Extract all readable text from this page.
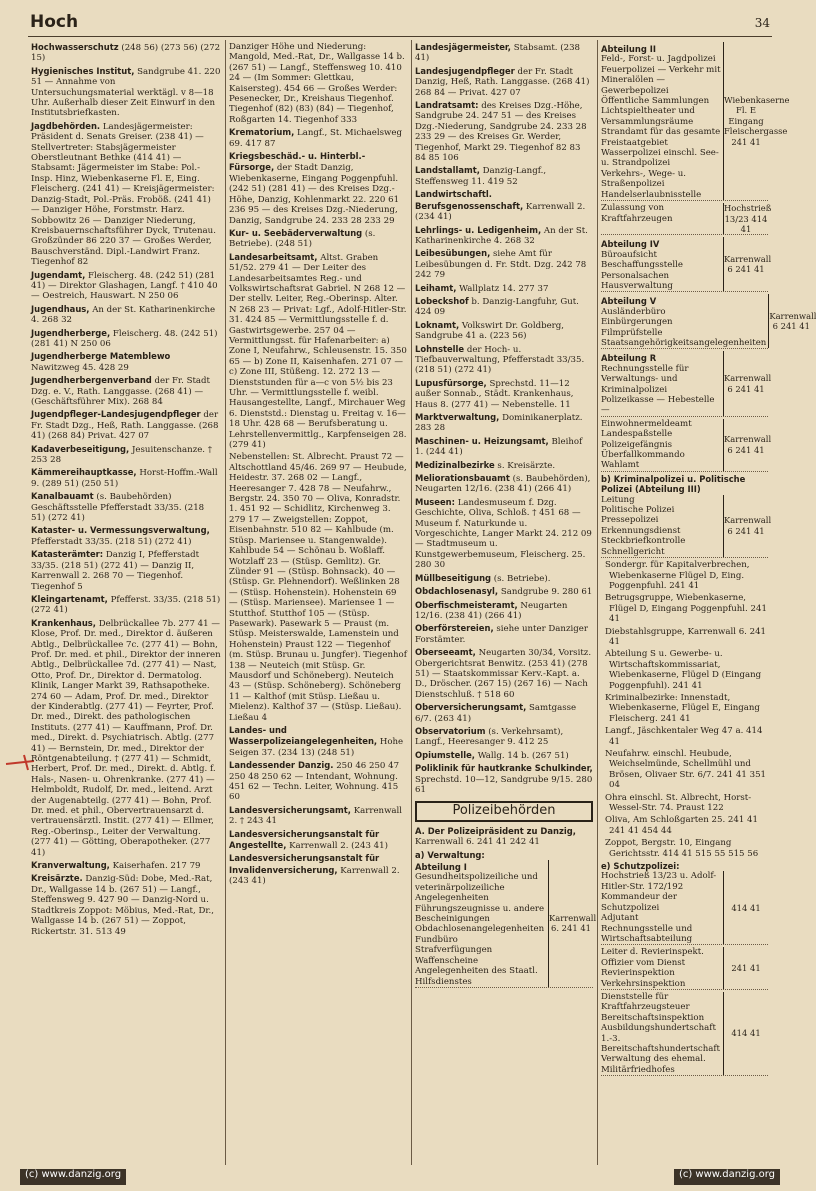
Hoch	34
Hochwasserschutz (248 56) (273 56) (272 15)
Hygienisches Institut, Sandgrube 41. 220 51 — Annahme von Untersuchungsmaterial werktägl. v 8—18 Uhr. Außerhalb dieser Zeit Einwurf in den Institutsbriefkasten.
Jagdbehörden. Landesjägermeister: Präsident d. Senats Greiser. (238 41) — Stellvertreter: Stabsjägermeister Oberstleutnant Bethke (414 41) — Stabsamt: Jägermeister im Stabe: Pol.-Insp. Hinz, Wiebenkaserne Fl. E, Eing. Fleischerg. (241 41) — Kreisjägermeister: Danzig-Stadt, Pol.-Präs. Froböß. (241 41) — Danziger Höhe, Forstmstr. Harz. Sobbowitz 26 — Danziger Niederung, Kreisbauernschaftsführer Dyck, Trutenau. Großzünder 86 220 37 — Großes Werder, Bauschverständ. Dipl.-Landwirt Franz. Tiegenhof 82
Jugendamt, Fleischerg. 48. (242 51) (281 41) — Direktor Glashagen, Langf. † 410 40 — Oestreich, Hauswart. N 250 06
Jugendhaus, An der St. Katharinenkirche 4. 268 32
Jugendherberge, Fleischerg. 48. (242 51) (281 41) N 250 06
Jugendherberge Matemblewo Nawitzweg 45. 428 29
Jugendherbergenverband der Fr. Stadt Dzg. e. V., Rath. Langgasse. (268 41) — (Geschäftsführer Mix). 268 84
Jugendpfleger-Landesjugendpfleger der Fr. Stadt Dzg., Heß, Rath. Langgasse. (268 41) (268 84) Privat. 427 07
Kadaverbeseitigung, Jesuitenschanze. † 253 28
Kämmereihauptkasse, Horst-Hoffm.-Wall 9. (289 51) (250 51)
Kanalbauamt (s. Baubehörden) Geschäftsstelle Pfefferstadt 33/35. (218 51) (272 41)
Kataster- u. Vermessungsverwaltung, Pfefferstadt 33/35. (218 51) (272 41)
Katasterämter: Danzig I, Pfefferstadt 33/35. (218 51) (272 41) — Danzig II, Karrenwall 2. 268 70 — Tiegenhof. Tiegenhof 5
Kleingartenamt, Pfefferst. 33/35. (218 51) (272 41)
Krankenhaus, Delbrückallee 7b. 277 41 — Klose, Prof. Dr. med., Direktor d. äußeren Abtlg., Delbrückallee 7c. (277 41) — Bohn, Prof. Dr. med. et phil., Direktor der inneren Abtlg., Delbrückallee 7d. (277 41) — Nast, Otto, Prof. Dr., Direktor d. Dermatolog. Klinik, Langer Markt 39, Rathsapotheke. 274 60 — Adam, Prof. Dr. med., Direktor der Kinderabtlg. (277 41) — Feyrter, Prof. Dr. med., Direkt. des pathologischen Instituts. (277 41) — Kauffmann, Prof. Dr. med., Direkt. d. Psychiatrisch. Abtlg. (277 41) — Bernstein, Dr. med., Direktor der Röntgenabteilung. † (277 41) — Schmidt, Herbert, Prof. Dr. med., Direkt. d. Abtlg. f. Hals-, Nasen- u. Ohrenkranke. (277 41) — Helmboldt, Rudolf, Dr. med., leitend. Arzt der Augenabteilg. (277 41) — Bohn, Prof. Dr. med. et phil., Obervertrauensarzt d. vertrauensärztl. Instit. (277 41) — Ellmer, Reg.-Oberinsp., Leiter der Verwaltung. (277 41) — Götting, Oberapotheker. (277 41)
Kranverwaltung, Kaiserhafen. 217 79
Kreisärzte. Danzig-Süd: Dobe, Med.-Rat, Dr., Wallgasse 14 b. (267 51) — Langf., Steffensweg 9. 427 90 — Danzig-Nord u. Stadtkreis Zoppot: Möbius, Med.-Rat, Dr., Wallgasse 14 b. (267 51) — Zoppot, Rickertstr. 31. 513 49
Danziger Höhe und Niederung: Mangold, Med.-Rat, Dr., Wallgasse 14 b. (267 51) — Langf., Steffensweg 10. 410 24 — (Im Sommer: Glettkau, Kaisersteg). 454 66 — Großes Werder: Pesenecker, Dr., Kreishaus Tiegenhof. Tiegenhof (82) (83) (84) — Tiegenhof, Roßgarten 14. Tiegenhof 333
Krematorium, Langf., St. Michaelsweg 69. 417 87
Kriegsbeschäd.- u. Hinterbl.-Fürsorge, der Stadt Danzig, Wiebenkaserne, Eingang Poggenpfuhl. (242 51) (281 41) — des Kreises Dzg.-Höhe, Danzig, Kohlenmarkt 22. 220 61 236 95 — des Kreises Dzg.-Niederung, Danzig, Sandgrube 24. 233 28 233 29
Kur- u. Seebäderverwaltung (s. Betriebe). (248 51)
Landesarbeitsamt, Altst. Graben 51/52. 279 41 — Der Leiter des Landesarbeitsamtes Reg.- und Volkswirtschaftsrat Gabriel. N 268 12 — Der stellv. Leiter, Reg.-Oberinsp. Alter. N 268 23 — Privat: Lgf., Adolf-Hitler-Str. 31. 424 85 — Vermittlungsstelle f. d. Gastwirtsgewerbe. 257 04 — Vermittlungsst. für Hafenarbeiter: a) Zone I, Neufahrw., Schleusenstr. 15. 350 65 — b) Zone II, Kaisenhafen. 271 07 — c) Zone III, Stüßeng. 12. 272 13 — Dienststunden für a—c von 5½ bis 23 Uhr. — Vermittlungsstelle f. weibl. Hausangestellte, Langf., Mirchauer Weg 6. Dienststd.: Dienstag u. Freitag v. 16—18 Uhr. 428 68 — Berufsberatung u. Lehrstellenvermittlg., Karpfenseigen 28. (279 41)
Nebenstellen: St. Albrecht. Praust 72 — Altschottland 45/46. 269 97 — Heubude, Heidestr. 37. 268 02 — Langf., Heeresanger 7. 428 78 — Neufahrw., Bergstr. 24. 350 70 — Oliva, Konradstr. 1. 451 92 — Schidlitz, Kirchenweg 3. 279 17 — Zweigstellen: Zoppot, Eisenbahnstr. 510 82 — Kahlbude (m. Stüsp. Mariensee u. Stangenwalde). Kahlbude 54 — Schönau b. Woßlaff. Wotzlaff 23 — (Stüsp. Gemlitz). Gr. Zünder 91 — (Stüsp. Bohnsack). 40 — (Stüsp. Gr. Plehnendorf). Weßlinken 28 — (Stüsp. Hohenstein). Hohenstein 69 — (Stüsp. Mariensee). Mariensee 1 — Stutthof. Stutthof 105 — (Stüsp. Pasewark). Pasewark 5 — Praust (m. Stüsp. Meisterswalde, Lamenstein und Hohenstein) Praust 122 — Tiegenhof (m. Stüsp. Brunau u. Jungfer). Tiegenhof 138 — Neuteich (mit Stüsp. Gr. Mausdorf und Schöneberg). Neuteich 43 — (Stüsp. Schöneberg). Schöneberg 11 — Kalthof (mit Stüsp. Ließau u. Mielenz). Kalthof 37 — (Stüsp. Ließau). Ließau 4
Landes- und Wasserpolizeiangelegenheiten, Hohe Seigen 37. (234 13) (248 51)
Landessender Danzig. 250 46 250 47 250 48 250 62 — Intendant, Wohnung. 451 62 — Techn. Leiter, Wohnung. 415 60
Landesversicherungsamt, Karrenwall 2. † 243 41
Landesversicherungsanstalt für Angestellte, Karrenwall 2. (243 41)
Landesversicherungsanstalt für Invalidenversicherung, Karrenwall 2. (243 41)
Landesjägermeister, Stabsamt. (238 41)
Landesjugendpfleger der Fr. Stadt Danzig, Heß, Rath. Langgasse. (268 41) 268 84 — Privat. 427 07
Landratsamt: des Kreises Dzg.-Höhe, Sandgrube 24. 247 51 — des Kreises Dzg.-Niederung, Sandgrube 24. 233 28 233 29 — des Kreises Gr. Werder, Tiegenhof, Markt 29. Tiegenhof 82 83 84 85 106
Landstallamt, Danzig-Langf., Steffensweg 11. 419 52
Landwirtschaftl. Berufsgenossenschaft, Karrenwall 2. (234 41)
Lehrlings- u. Ledigenheim, An der St. Katharinenkirche 4. 268 32
Leibesübungen, siehe Amt für Leibesübungen d. Fr. Stdt. Dzg. 242 78 242 79
Leihamt, Wallplatz 14. 277 37
Lobeckshof b. Danzig-Langfuhr, Gut. 424 09
Loknamt, Volkswirt Dr. Goldberg, Sandgrube 41 a. (223 56)
Lohnstelle der Hoch- u. Tiefbauverwaltung, Pfefferstadt 33/35. (218 51) (272 41)
Lupusfürsorge, Sprechstd. 11—12 außer Sonnab., Städt. Krankenhaus, Haus 8. (277 41) — Nebenstelle. 11
Marktverwaltung, Dominikanerplatz. 283 28
Maschinen- u. Heizungsamt, Bleihof 1. (244 41)
Medizinalbezirke s. Kreisärzte.
Meliorationsbauamt (s. Baubehörden), Neugarten 12/16. (238 41) (266 41)
Museen: Landesmuseum f. Dzg. Geschichte, Oliva, Schloß. † 451 68 — Museum f. Naturkunde u. Vorgeschichte, Langer Markt 24. 212 09 — Stadtmuseum u. Kunstgewerbemuseum, Fleischerg. 25. 280 30
Müllbeseitigung (s. Betriebe).
Obdachlosenasyl, Sandgrube 9. 280 61
Oberfischmeisteramt, Neugarten 12/16. (238 41) (266 41)
Oberförstereien, siehe unter Danziger Forstämter.
Oberseeamt, Neugarten 30/34, Vorsitz. Obergerichtsrat Benwitz. (253 41) (278 51) — Staatskommissar Kerv.-Kapt. a. D., Dröscher. (267 15) (267 16) — Nach Dienstschluß. † 518 60
Oberversicherungsamt, Samtgasse 6/7. (263 41)
Observatorium (s. Verkehrsamt), Langf., Heeresanger 9. 412 25
Opiumstelle, Wallg. 14 b. (267 51)
Poliklinik für hautkranke Schulkinder, Sprechstd. 10—12, Sandgrube 9/15. 280 61
Polizeibehörden
A. Der Polizeipräsident zu Danzig, Karrenwall 6. 241 41 242 41
a) Verwaltung:
Abteilung I
Gesundheitspolizeiliche und veterinärpolizeiliche Angelegenheiten
Führungszeugnisse u. andere Bescheinigungen
Obdachlosenangelegenheiten
Fundbüro
Strafverfügungen
Waffenscheine
Angelegenheiten des Staatl. Hilfsdienstes
Karrenwall 6. 241 41
Abteilung II
Feld-, Forst- u. Jagdpolizei
Feuerpolizei — Verkehr mit Mineralölen —
Gewerbepolizei
Öffentliche Sammlungen
Lichtspieltheater und Versammlungsräume
Strandamt für das gesamte Freistaatgebiet
Wasserpolizei einschl. See- u. Strandpolizei
Verkehrs-, Wege- u. Straßenpolizei
Handelserlaubnisstelle
Wiebenkaserne Fl. E Eingang Fleischergasse 241 41
Zulassung von Kraftfahrzeugen
Hochstrieß 13/23 414 41
Abteilung IV
Büroaufsicht
Beschaffungsstelle
Personalsachen
Hausverwaltung
Karrenwall 6 241 41
Abteilung V
Ausländerbüro
Einbürgerungen
Filmprüfstelle
Staatsangehörigkeitsangelegenheiten
Karrenwall 6 241 41
Abteilung R
Rechnungsstelle für Verwaltungs- und Kriminalpolizei
Polizeikasse — Hebestelle —
Karrenwall 6 241 41
Einwohnermeldeamt
Landespaßstelle
Polizeigefängnis
Überfallkommando
Wahlamt
Karrenwall 6 241 41
b) Kriminalpolizei u. Politische Polizei (Abteilung III)
Leitung
Politische Polizei
Pressepolizei
Erkennungsdienst
Steckbriefkontrolle
Schnellgericht
Karrenwall 6 241 41
Sondergr. für Kapitalverbrechen, Wiebenkaserne Flügel D, Eing. Poggenpfuhl. 241 41
Betrugsgruppe, Wiebenkaserne, Flügel D, Eingang Poggenpfuhl. 241 41
Diebstahlsgruppe, Karrenwall 6. 241 41
Abteilung S u. Gewerbe- u. Wirtschaftskommissariat, Wiebenkaserne, Flügel D (Eingang Poggenpfuhl). 241 41
Kriminalbezirke: Innenstadt, Wiebenkaserne, Flügel E, Eingang Fleischerg. 241 41
Langf., Jäschkentaler Weg 47 a. 414 41
Neufahrw. einschl. Heubude, Weichselmünde, Schellmühl und Brösen, Olivaer Str. 6/7. 241 41 351 04
Ohra einschl. St. Albrecht, Horst-Wessel-Str. 74. Praust 122
Oliva, Am Schloßgarten 25. 241 41 241 41 454 44
Zoppot, Bergstr. 10, Eingang Gerichtsstr. 414 41 515 55 515 56
e) Schutzpolizei:
Hochstrieß 13/23 u. Adolf-Hitler-Str. 172/192
Kommandeur der Schutzpolizei
Adjutant
Rechnungsstelle und Wirtschaftsabteilung
414 41
Leiter d. Revierinspekt.
Offizier vom Dienst
Revierinspektion
Verkehrsinspektion
241 41
Dienststelle für Kraftfahrzeugsteuer
Bereitschaftsinspektion
Ausbildungshundertschaft
1.-3. Bereitschaftshundertschaft
Verwaltung des ehemal. Militärfriedhofes
414 41
(c) www.danzig.org	(c) www.danzig.org
